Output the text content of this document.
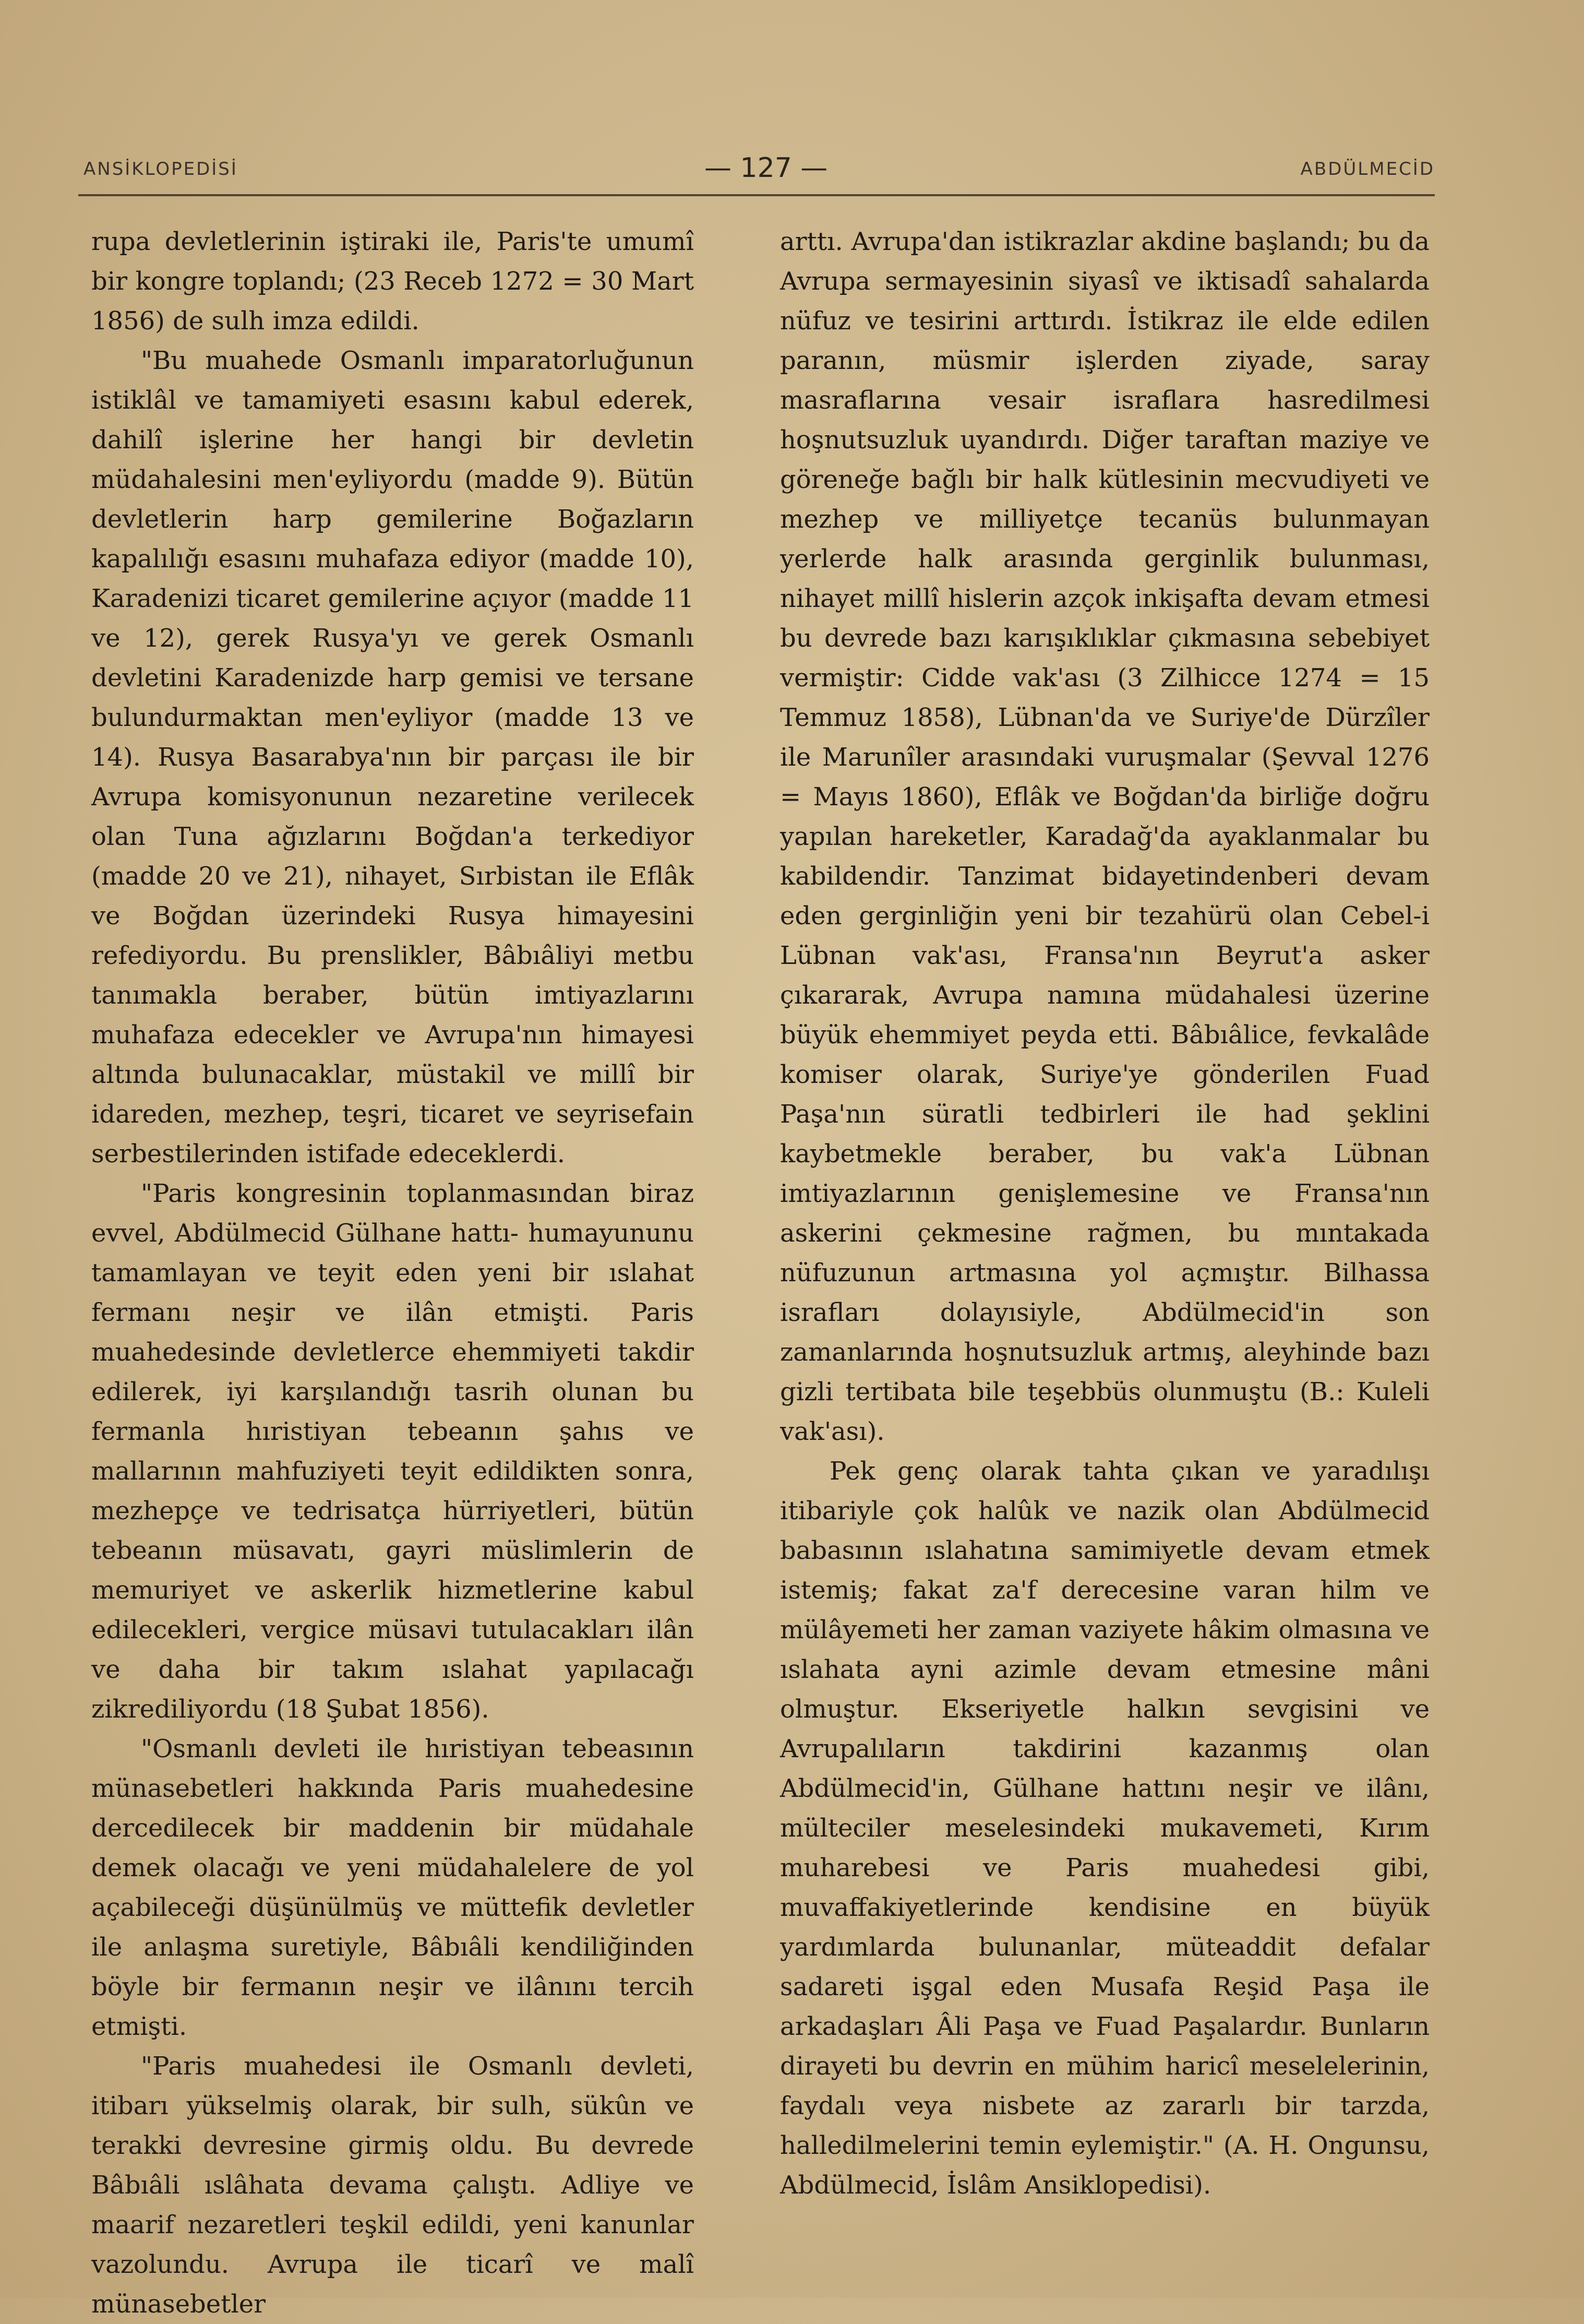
ANSİKLOPEDİSİ	— 127 —	ABDÜLMECİD

rupa devletlerinin iştiraki ile, Paris'te umumî bir kongre toplandı; (23 Receb 1272 = 30 Mart 1856) de sulh imza edildi.

"Bu muahede Osmanlı imparatorluğunun istiklâl ve tamamiyeti esasını kabul ederek, dahilî işlerine her hangi bir devletin müdahalesini men'eyliyordu (madde 9). Bütün devletlerin harp gemilerine Boğazların kapalılığı esasını muhafaza ediyor (madde 10), Karadenizi ticaret gemilerine açıyor (madde 11 ve 12), gerek Rusya'yı ve gerek Osmanlı devletini Karadenizde harp gemisi ve tersane bulundurmaktan men'eyliyor (madde 13 ve 14). Rusya Basarabya'nın bir parçası ile bir Avrupa komisyonunun nezaretine verilecek olan Tuna ağızlarını Boğdan'a terkediyor (madde 20 ve 21), nihayet, Sırbistan ile Eflâk ve Boğdan üzerindeki Rusya himayesini refediyordu. Bu prenslikler, Bâbıâliyi metbu tanımakla beraber, bütün imtiyazlarını muhafaza edecekler ve Avrupa'nın himayesi altında bulunacaklar, müstakil ve millî bir idareden, mezhep, teşri, ticaret ve seyrisefain serbestilerinden istifade edeceklerdi.

"Paris kongresinin toplanmasından biraz evvel, Abdülmecid Gülhane hattı- humayununu tamamlayan ve teyit eden yeni bir ıslahat fermanı neşir ve ilân etmişti. Paris muahedesinde devletlerce ehemmiyeti takdir edilerek, iyi karşılandığı tasrih olunan bu fermanla hıristiyan tebeanın şahıs ve mallarının mahfuziyeti teyit edildikten sonra, mezhepçe ve tedrisatça hürriyetleri, bütün tebeanın müsavatı, gayri müslimlerin de memuriyet ve askerlik hizmetlerine kabul edilecekleri, vergice müsavi tutulacakları ilân ve daha bir takım ıslahat yapılacağı zikrediliyordu (18 Şubat 1856).

"Osmanlı devleti ile hıristiyan tebeasının münasebetleri hakkında Paris muahedesine dercedilecek bir maddenin bir müdahale demek olacağı ve yeni müdahalelere de yol açabileceği düşünülmüş ve müttefik devletler ile anlaşma suretiyle, Bâbıâli kendiliğinden böyle bir fermanın neşir ve ilânını tercih etmişti.

"Paris muahedesi ile Osmanlı devleti, itibarı yükselmiş olarak, bir sulh, sükûn ve terakki devresine girmiş oldu. Bu devrede Bâbıâli ıslâhata devama çalıştı. Adliye ve maarif nezaretleri teşkil edildi, yeni kanunlar vazolundu. Avrupa ile ticarî ve malî münasebetler

arttı. Avrupa'dan istikrazlar akdine başlandı; bu da Avrupa sermayesinin siyasî ve iktisadî sahalarda nüfuz ve tesirini arttırdı. İstikraz ile elde edilen paranın, müsmir işlerden ziyade, saray masraflarına vesair israflara hasredilmesi hoşnutsuzluk uyandırdı. Diğer taraftan maziye ve göreneğe bağlı bir halk kütlesinin mecvudiyeti ve mezhep ve milliyetçe tecanüs bulunmayan yerlerde halk arasında gerginlik bulunması, nihayet millî hislerin azçok inkişafta devam etmesi bu devrede bazı karışıklıklar çıkmasına sebebiyet vermiştir: Cidde vak'ası (3 Zilhicce 1274 = 15 Temmuz 1858), Lübnan'da ve Suriye'de Dürzîler ile Marunîler arasındaki vuruşmalar (Şevval 1276 = Mayıs 1860), Eflâk ve Boğdan'da birliğe doğru yapılan hareketler, Karadağ'da ayaklanmalar bu kabildendir. Tanzimat bidayetindenberi devam eden gerginliğin yeni bir tezahürü olan Cebel-i Lübnan vak'ası, Fransa'nın Beyrut'a asker çıkararak, Avrupa namına müdahalesi üzerine büyük ehemmiyet peyda etti. Bâbıâlice, fevkalâde komiser olarak, Suriye'ye gönderilen Fuad Paşa'nın süratli tedbirleri ile had şeklini kaybetmekle beraber, bu vak'a Lübnan imtiyazlarının genişlemesine ve Fransa'nın askerini çekmesine rağmen, bu mıntakada nüfuzunun artmasına yol açmıştır. Bilhassa israfları dolayısiyle, Abdülmecid'in son zamanlarında hoşnutsuzluk artmış, aleyhinde bazı gizli tertibata bile teşebbüs olunmuştu (B.: Kuleli vak'ası).

Pek genç olarak tahta çıkan ve yaradılışı itibariyle çok halûk ve nazik olan Abdülmecid babasının ıslahatına samimiyetle devam etmek istemiş; fakat za'f derecesine varan hilm ve mülâyemeti her zaman vaziyete hâkim olmasına ve ıslahata ayni azimle devam etmesine mâni olmuştur. Ekseriyetle halkın sevgisini ve Avrupalıların takdirini kazanmış olan Abdülmecid'in, Gülhane hattını neşir ve ilânı, mülteciler meselesindeki mukavemeti, Kırım muharebesi ve Paris muahedesi gibi, muvaffakiyetlerinde kendisine en büyük yardımlarda bulunanlar, müteaddit defalar sadareti işgal eden Musafa Reşid Paşa ile arkadaşları Âli Paşa ve Fuad Paşalardır. Bunların dirayeti bu devrin en mühim haricî meselelerinin, faydalı veya nisbete az zararlı bir tarzda, halledilmelerini temin eylemiştir." (A. H. Ongunsu, Abdülmecid, İslâm Ansiklopedisi).
